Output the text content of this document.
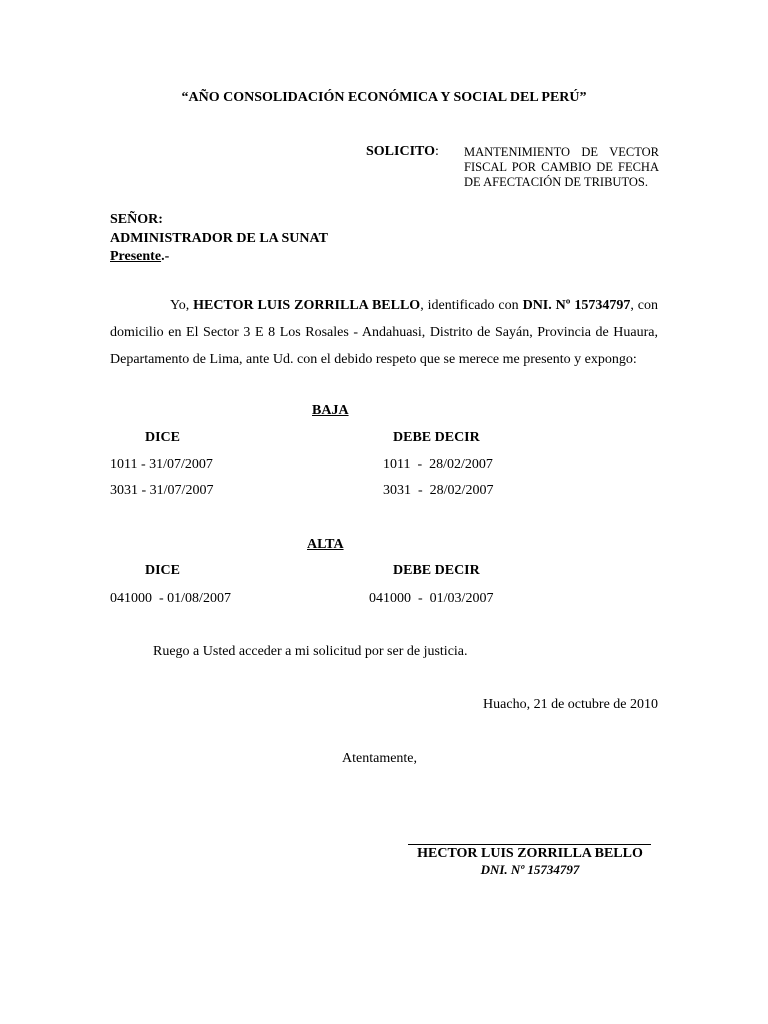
“AÑO CONSOLIDACIÓN ECONÓMICA Y SOCIAL DEL PERÚ”
SOLICITO: MANTENIMIENTO DE VECTOR FISCAL POR CAMBIO DE FECHA DE AFECTACIÓN DE TRIBUTOS.
SEÑOR:
ADMINISTRADOR DE LA SUNAT
Presente.-
Yo, HECTOR LUIS ZORRILLA BELLO, identificado con DNI. Nº 15734797, con domicilio en El Sector 3 E 8 Los Rosales - Andahuasi, Distrito de Sayán, Provincia de Huaura, Departamento de Lima, ante Ud. con el debido respeto que se merece me presento y expongo:
BAJA
DICE	DEBE DECIR
1011 - 31/07/2007	1011  -  28/02/2007
3031 - 31/07/2007	3031  -  28/02/2007
ALTA
DICE	DEBE DECIR
041000  - 01/08/2007	041000  -  01/03/2007
Ruego a Usted acceder a mi solicitud por ser de justicia.
Huacho, 21 de octubre de 2010
Atentamente,
HECTOR LUIS ZORRILLA BELLO
DNI. Nº 15734797
